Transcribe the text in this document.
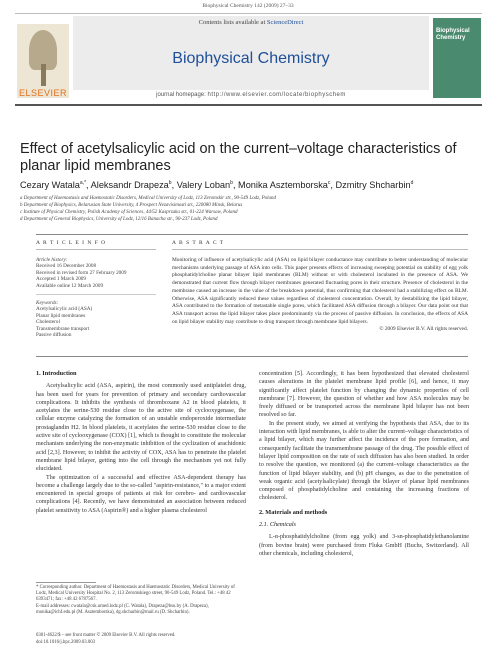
Biophysical Chemistry 142 (2009) 27–33
ELSEVIER
Contents lists available at ScienceDirect
Biophysical Chemistry
journal homepage: http://www.elsevier.com/locate/biophyschem
Biophysical Chemistry
Effect of acetylsalicylic acid on the current–voltage characteristics of planar lipid membranes
Cezary Watala$^{a,*}$, Aleksandr Drapeza$^b$, Valery Loban$^b$, Monika Asztemborska$^c$, Dzmitry Shcharbin$^d$
a Department of Haemostasis and Haemostatic Disorders, Medical University of Lodz, 113 Zeromskir str., 90-549 Lodz, Poland
b Department of Biophysics, Belarusian State University, 4 Prospect Nezavisimosti str., 220080 Minsk, Belarus
c Institute of Physical Chemistry, Polish Academy of Sciences, 44/52 Kasprzaka str., 01-224 Warsaw, Poland
d Department of General Biophysics, University of Lodz, 12/16 Banacha str., 90-237 Lodz, Poland
A R T I C L E I N F O	A B S T R A C T
Article history:
Received 16 December 2008
Received in revised form 27 February 2009
Accepted 1 March 2009
Available online 12 March 2009
Keywords:
Acetylsalicylic acid (ASA)
Planar lipid membranes
Cholesterol
Transmembrane transport
Passive diffusion
Monitoring of influence of acetylsalicylic acid (ASA) on lipid bilayer conductance may contribute to better understanding of molecular mechanisms underlying passage of ASA into cells. This paper presents effects of increasing sweeping potential on stability of egg yolk phosphatidylcholine planar bilayer lipid membranes (BLM) without or with cholesterol incubated in the presence of ASA. We demonstrated that current flow through bilayer membranes generated fluctuating pores in their structure. Presence of cholesterol in the membrane caused an increase in the value of the breakdown potential, thus confirming that cholesterol had a stabilizing effect on BLM. Otherwise, ASA significantly reduced these values regardless of cholesterol concentration. Overall, by destabilizing the lipid bilayer, ASA contributed to the formation of metastable single pores, which facilitated ASA diffusion through a bilayer. Our data point out that ASA transport across the lipid bilayer takes place predominantly via the process of passive diffusion. In conclusion, the effects of ASA on lipid bilayer stability may contribute to drug transport through membrane lipid bilayers.
© 2009 Elsevier B.V. All rights reserved.
1. Introduction

Acetylsalicylic acid (ASA, aspirin), the most commonly used antiplatelet drug, has been used for years for prevention of primary and secondary cardiovascular complications. It inhibits the synthesis of thromboxane A2 in blood platelets, it acetylates the serine-530 residue close to the active site of cyclooxygenase, the cellular enzyme catalyzing the formation of an unstable endoperoxide intermediate prostaglandin H2. In blood platelets, it acetylates the serine-530 residue close to the active site of cyclooxygenase (COX) [1], which is thought to constitute the molecular mechanism underlying the non-enzymatic inhibition of the cyclization of arachidonic acid [2,3]. However, to inhibit the activity of COX, ASA has to penetrate the platelet membrane lipid bilayer, getting into the cell through the mechanism yet not fully elucidated.

The optimization of a successful and effective ASA-dependent therapy has become a challenge largely due to the so-called "aspirin-resistance," to a major extent encountered in special groups of patients at risk for cerebro- and cardiovascular complications [4]. Recently, we have demonstrated an association between reduced platelet sensitivity to ASA (Aspirin®) and a higher plasma cholesterol

* Corresponding author. Department of Haemostasis and Haemostatic Disorders, Medical University of Lodz, Medical University Hospital No. 2, 113 Zeromskiego street, 90-549 Lodz, Poland. Tel.: +48 42 6393471; fax: +48 42 6787567.
E-mail addresses: cwatala@csk.umed.lodz.pl (C. Watala), Drapeza@bsu.by (A. Drapeza), monika@ichf.edu.pl (M. Asztemborska), dg.shcharbin@mail.ru (D. Shcharbin).
0301-4622/$ – see front matter © 2009 Elsevier B.V. All rights reserved.
doi:10.1016/j.bpc.2009.03.003

concentration [5]. Accordingly, it has been hypothesized that elevated cholesterol causes alterations in the platelet membrane lipid profile [6], and hence, it may significantly affect platelet function by changing the dynamic properties of cell membrane [7]. However, the question of whether and how ASA molecules may be freely diffused or be transported across the membrane lipid bilayer has not been resolved so far.

In the present study, we aimed at verifying the hypothesis that ASA, due to its interaction with lipid membranes, is able to alter the current–voltage characteristics of a lipid bilayer, which may further affect the incidence of the pore formation, and consequently facilitate the transmembrane passage of the drug. The possible effect of bilayer lipid composition on the rate of such diffusion has also been studied. In order to resolve the question, we monitored (a) the current–voltage characteristics as the function of lipid bilayer stability, and (b) pH changes, as due to the penetration of weak organic acid (acetylsalicylate) through the bilayer of planar lipid membranes composed of phosphatidylcholine and containing the increasing fractions of cholesterol.

2. Materials and methods
2.1. Chemicals

L-α-phosphatidylcholine (from egg yolk) and 3-sn-phosphatidylethanolamine (from bovine brain) were purchased from Fluka GmbH (Buchs, Switzerland). All other chemicals, including cholesterol,
